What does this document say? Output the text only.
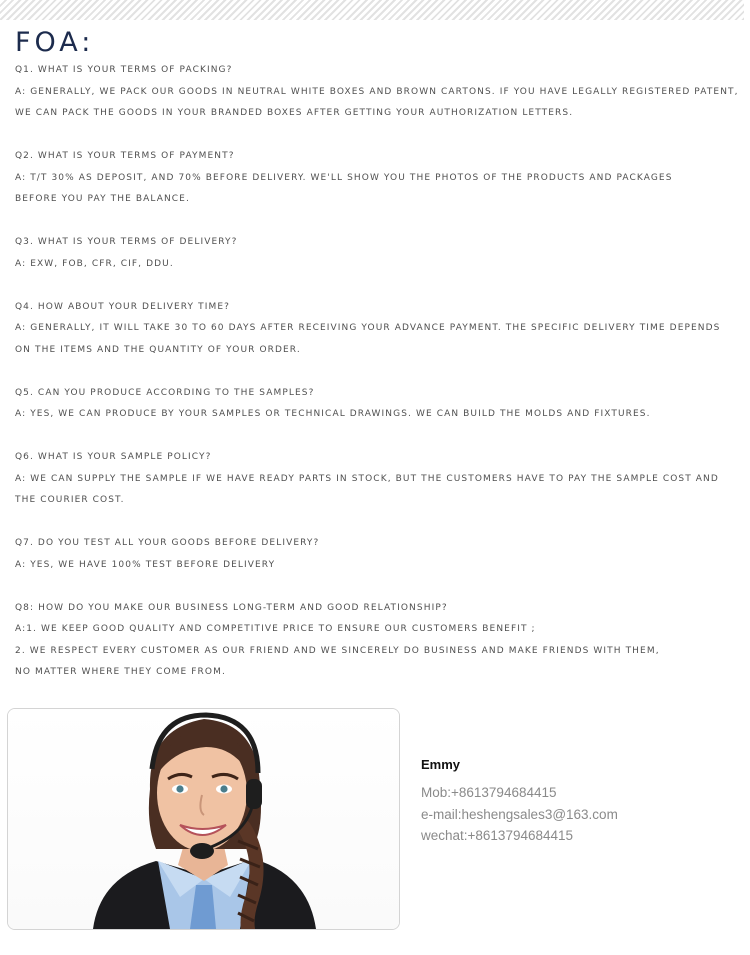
FOA:
Q1. WHAT IS YOUR TERMS OF PACKING?
A: GENERALLY, WE PACK OUR GOODS IN NEUTRAL WHITE BOXES AND BROWN CARTONS. IF YOU HAVE LEGALLY REGISTERED PATENT,
WE CAN PACK THE GOODS IN YOUR BRANDED BOXES AFTER GETTING YOUR AUTHORIZATION LETTERS.
Q2. WHAT IS YOUR TERMS OF PAYMENT?
A: T/T 30% AS DEPOSIT, AND 70% BEFORE DELIVERY. WE'LL SHOW YOU THE PHOTOS OF THE PRODUCTS AND PACKAGES
BEFORE YOU PAY THE BALANCE.
Q3. WHAT IS YOUR TERMS OF DELIVERY?
A: EXW, FOB, CFR, CIF, DDU.
Q4. HOW ABOUT YOUR DELIVERY TIME?
A: GENERALLY, IT WILL TAKE 30 TO 60 DAYS AFTER RECEIVING YOUR ADVANCE PAYMENT. THE SPECIFIC DELIVERY TIME DEPENDS
ON THE ITEMS AND THE QUANTITY OF YOUR ORDER.
Q5. CAN YOU PRODUCE ACCORDING TO THE SAMPLES?
A: YES, WE CAN PRODUCE BY YOUR SAMPLES OR TECHNICAL DRAWINGS. WE CAN BUILD THE MOLDS AND FIXTURES.
Q6. WHAT IS YOUR SAMPLE POLICY?
A: WE CAN SUPPLY THE SAMPLE IF WE HAVE READY PARTS IN STOCK, BUT THE CUSTOMERS HAVE TO PAY THE SAMPLE COST AND
THE COURIER COST.
Q7. DO YOU TEST ALL YOUR GOODS BEFORE DELIVERY?
A: YES, WE HAVE 100% TEST BEFORE DELIVERY
Q8: HOW DO YOU MAKE OUR BUSINESS LONG-TERM AND GOOD RELATIONSHIP?
A:1. WE KEEP GOOD QUALITY AND COMPETITIVE PRICE TO ENSURE OUR CUSTOMERS BENEFIT ;
2. WE RESPECT EVERY CUSTOMER AS OUR FRIEND AND WE SINCERELY DO BUSINESS AND MAKE FRIENDS WITH THEM,
NO MATTER WHERE THEY COME FROM.
Emmy
Mob:+8613794684415
e-mail:heshengsales3@163.com
wechat:+8613794684415
